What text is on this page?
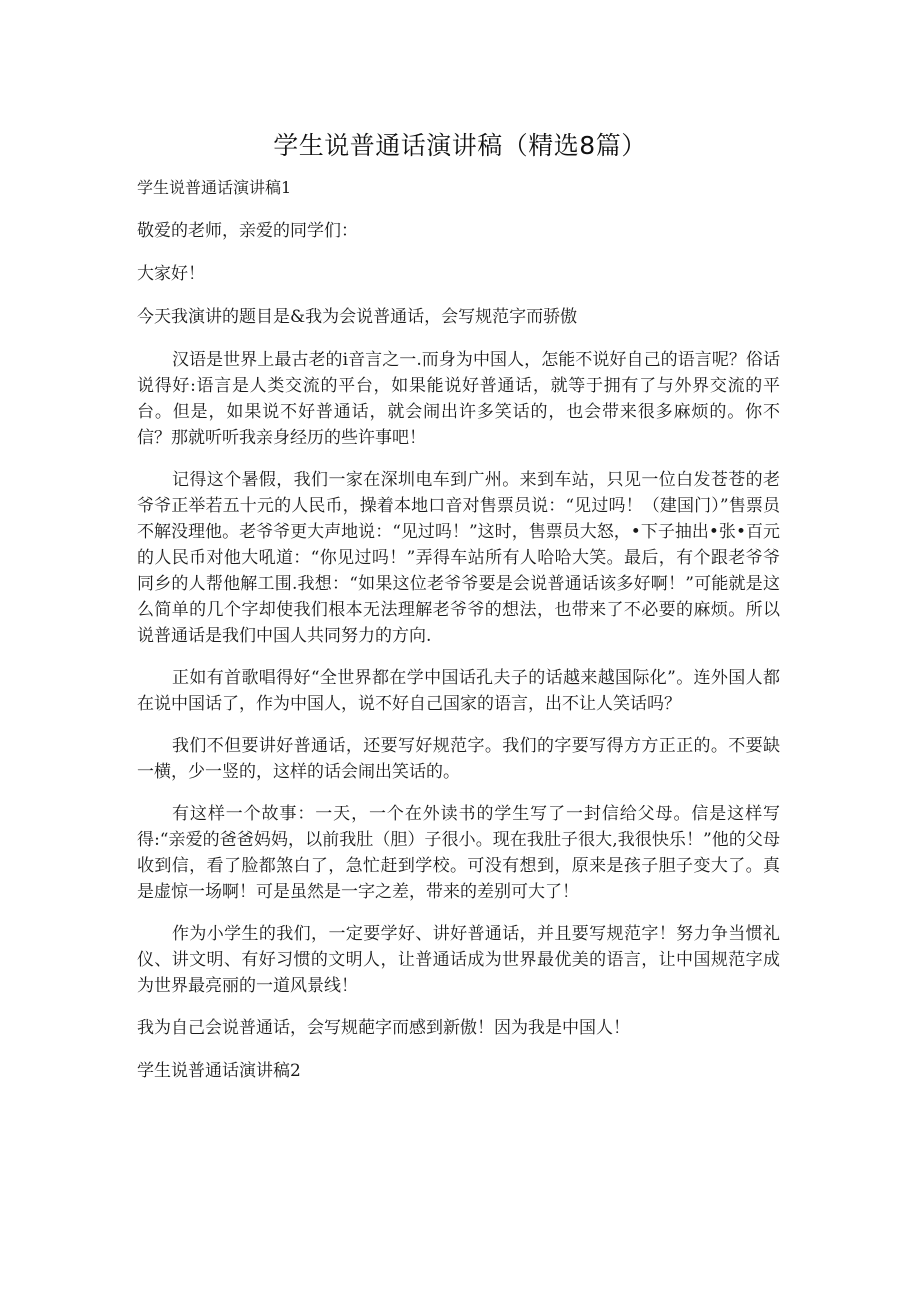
学生说普通话演讲稿（精选8篇）

学生说普通话演讲稿1

敬爱的老师，亲爱的同学们：

大家好！

今天我演讲的题目是&我为会说普通话，会写规范字而骄傲

汉语是世界上最古老的i音言之一.而身为中国人，怎能不说好自己的语言呢？俗话说得好:语言是人类交流的平台，如果能说好普通话，就等于拥有了与外界交流的平台。但是，如果说不好普通话，就会闹出许多笑话的，也会带来很多麻烦的。你不信？那就听听我亲身经历的些许事吧！

记得这个暑假，我们一家在深圳电车到广州。来到车站，只见一位白发苍苍的老爷爷正举若五十元的人民币，操着本地口音对售票员说：“见过吗！（建国门）”售票员不解没理他。老爷爷更大声地说：“见过吗！”这时，售票员大怒，•下子抽出•张•百元的人民币对他大吼道：“你见过吗！”弄得车站所有人哈哈大笑。最后，有个跟老爷爷同乡的人帮他解工围.我想：“如果这位老爷爷要是会说普通话该多好啊！”可能就是这么简单的几个字却使我们根本无法理解老爷爷的想法，也带来了不必要的麻烦。所以说普通话是我们中国人共同努力的方向.

正如有首歌唱得好“全世界都在学中国话孔夫子的话越来越国际化”。连外国人都在说中国话了，作为中国人，说不好自己国家的语言，出不让人笑话吗？

我们不但要讲好普通话，还要写好规范字。我们的字要写得方方正正的。不要缺一横，少一竖的，这样的话会闹出笑话的。

有这样一个故事：一天，一个在外读书的学生写了一封信给父母。信是这样写得:“亲爱的爸爸妈妈，以前我肚（胆）子很小。现在我肚子很大,我很快乐！”他的父母收到信，看了脸都煞白了，急忙赶到学校。可没有想到，原来是孩子胆子变大了。真是虚惊一场啊！可是虽然是一字之差，带来的差别可大了！

作为小学生的我们，一定要学好、讲好普通话，并且要写规范字！努力争当惯礼仪、讲文明、有好习惯的文明人，让普通话成为世界最优美的语言，让中国规范字成为世界最亮丽的一道风景线！

我为自己会说普通话，会写规葩字而感到新傲！因为我是中国人！

学生说普通话演讲稿2
